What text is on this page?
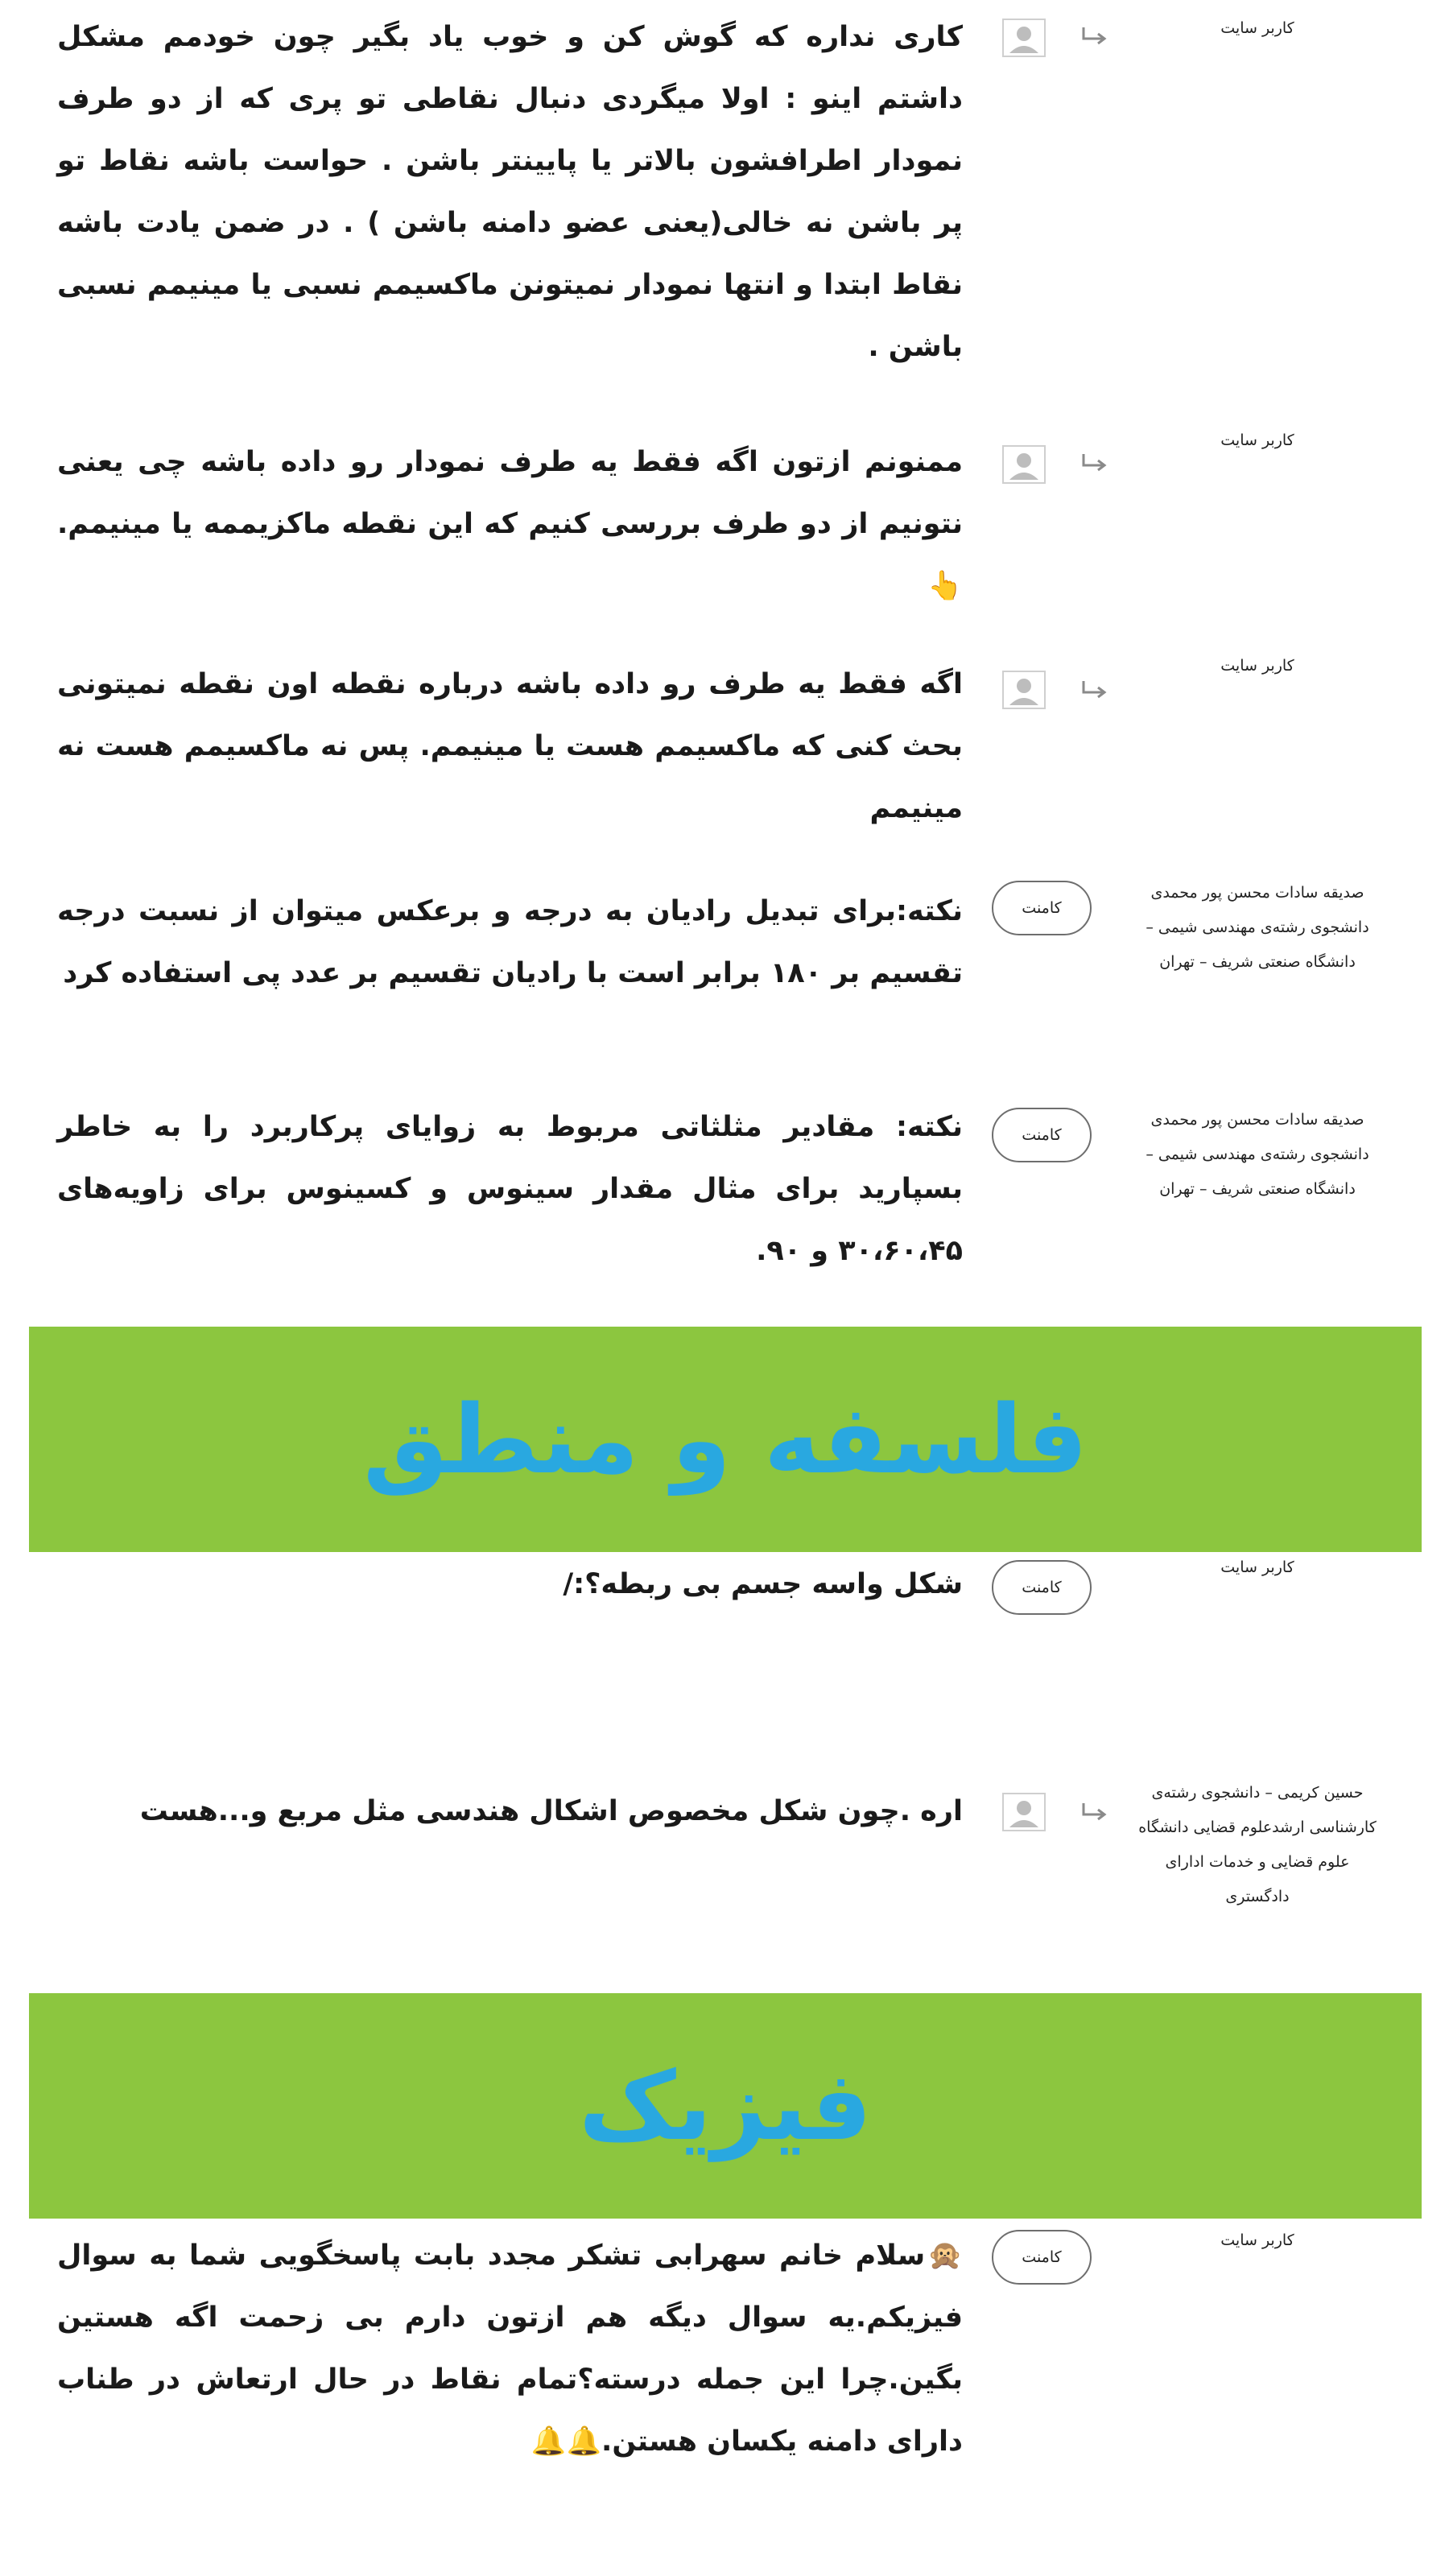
کاربر سایت
کاری نداره که گوش کن و خوب یاد بگیر چون خودمم مشکل داشتم اینو : اولا میگردی دنبال نقاطی تو پری که از دو طرف نمودار اطرافشون بالاتر یا پایینتر باشن . حواست باشه نقاط تو پر باشن نه خالی(یعنی عضو دامنه باشن ) . در ضمن یادت باشه نقاط ابتدا و انتها نمودار نمیتونن ماکسیمم نسبی یا مینیمم نسبی باشن .
کاربر سایت
ممنونم ازتون اگه فقط یه طرف نمودار رو داده باشه چی یعنی نتونیم از دو طرف بررسی کنیم که این نقطه ماکزیممه یا مینیمم. 👆
کاربر سایت
اگه فقط یه طرف رو داده باشه درباره نقطه اون نقطه نمیتونی بحث کنی که ماکسیمم هست یا مینیمم. پس نه ماکسیمم هست نه مینیمم
صدیقه سادات محسن پور محمدی
– دانشجوی رشته‌ی مهندسی شیمی
دانشگاه صنعتی شریف – تهران
کامنت
نکته:برای تبدیل رادیان به درجه و برعکس میتوان از نسبت درجه تقسیم بر ۱۸۰ برابر است با رادیان تقسیم بر عدد پی استفاده کرد
صدیقه سادات محسن پور محمدی
– دانشجوی رشته‌ی مهندسی شیمی
دانشگاه صنعتی شریف – تهران
کامنت
نکته: مقادیر مثلثاتی مربوط به زوایای پرکاربرد را به خاطر بسپارید برای مثال مقدار سینوس و کسینوس برای زاویه‌های ۳۰،۶۰،۴۵ و ۹۰.
فلسفه و منطق
کاربر سایت
کامنت
شکل واسه جسم بی ربطه؟:/
حسین کریمی – دانشجوی رشته‌ی
کارشناسی ارشدعلوم قضایی دانشگاه
علوم قضایی و خدمات ادارای
دادگستری
اره .چون شکل مخصوص اشکال هندسی مثل مربع و...هست
فیزیک
کاربر سایت
کامنت
🙊سلام خانم سهرابی تشکر مجدد بابت پاسخگویی شما به سوال فیزیکم.یه سوال دیگه هم ازتون دارم بی زحمت اگه هستین بگین.چرا این جمله درسته؟تمام نقاط در حال ارتعاش در طناب دارای دامنه یکسان هستن.🔔🔔
